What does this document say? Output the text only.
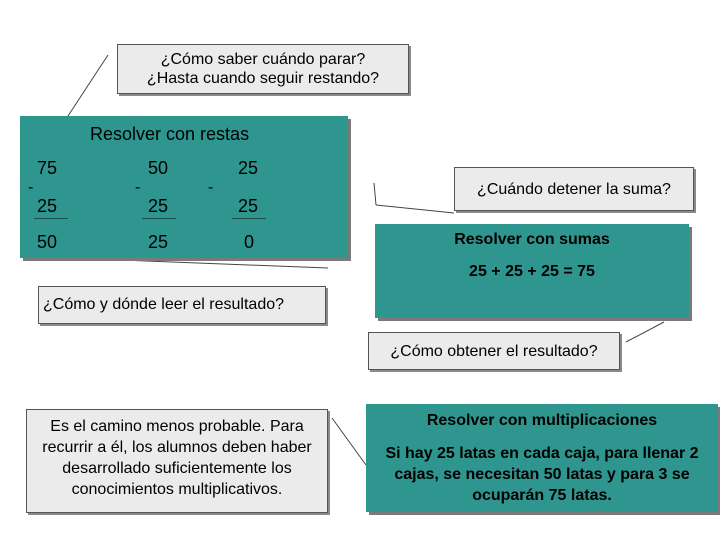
¿Cómo saber cuándo parar?
¿Hasta cuando seguir restando?
Resolver con restas
75
-
25
50
50
-
25
25
25
-
25
0
¿Cómo y dónde leer el resultado?
Resolver con sumas
25 + 25 + 25 = 75
¿Cuándo detener la suma?
¿Cómo obtener el resultado?
Es el camino menos probable. Para recurrir a él, los alumnos deben haber desarrollado suficientemente los conocimientos multiplicativos.
Resolver con multiplicaciones
Si hay 25 latas en cada caja, para llenar 2 cajas, se necesitan 50 latas y para 3 se ocuparán 75 latas.
